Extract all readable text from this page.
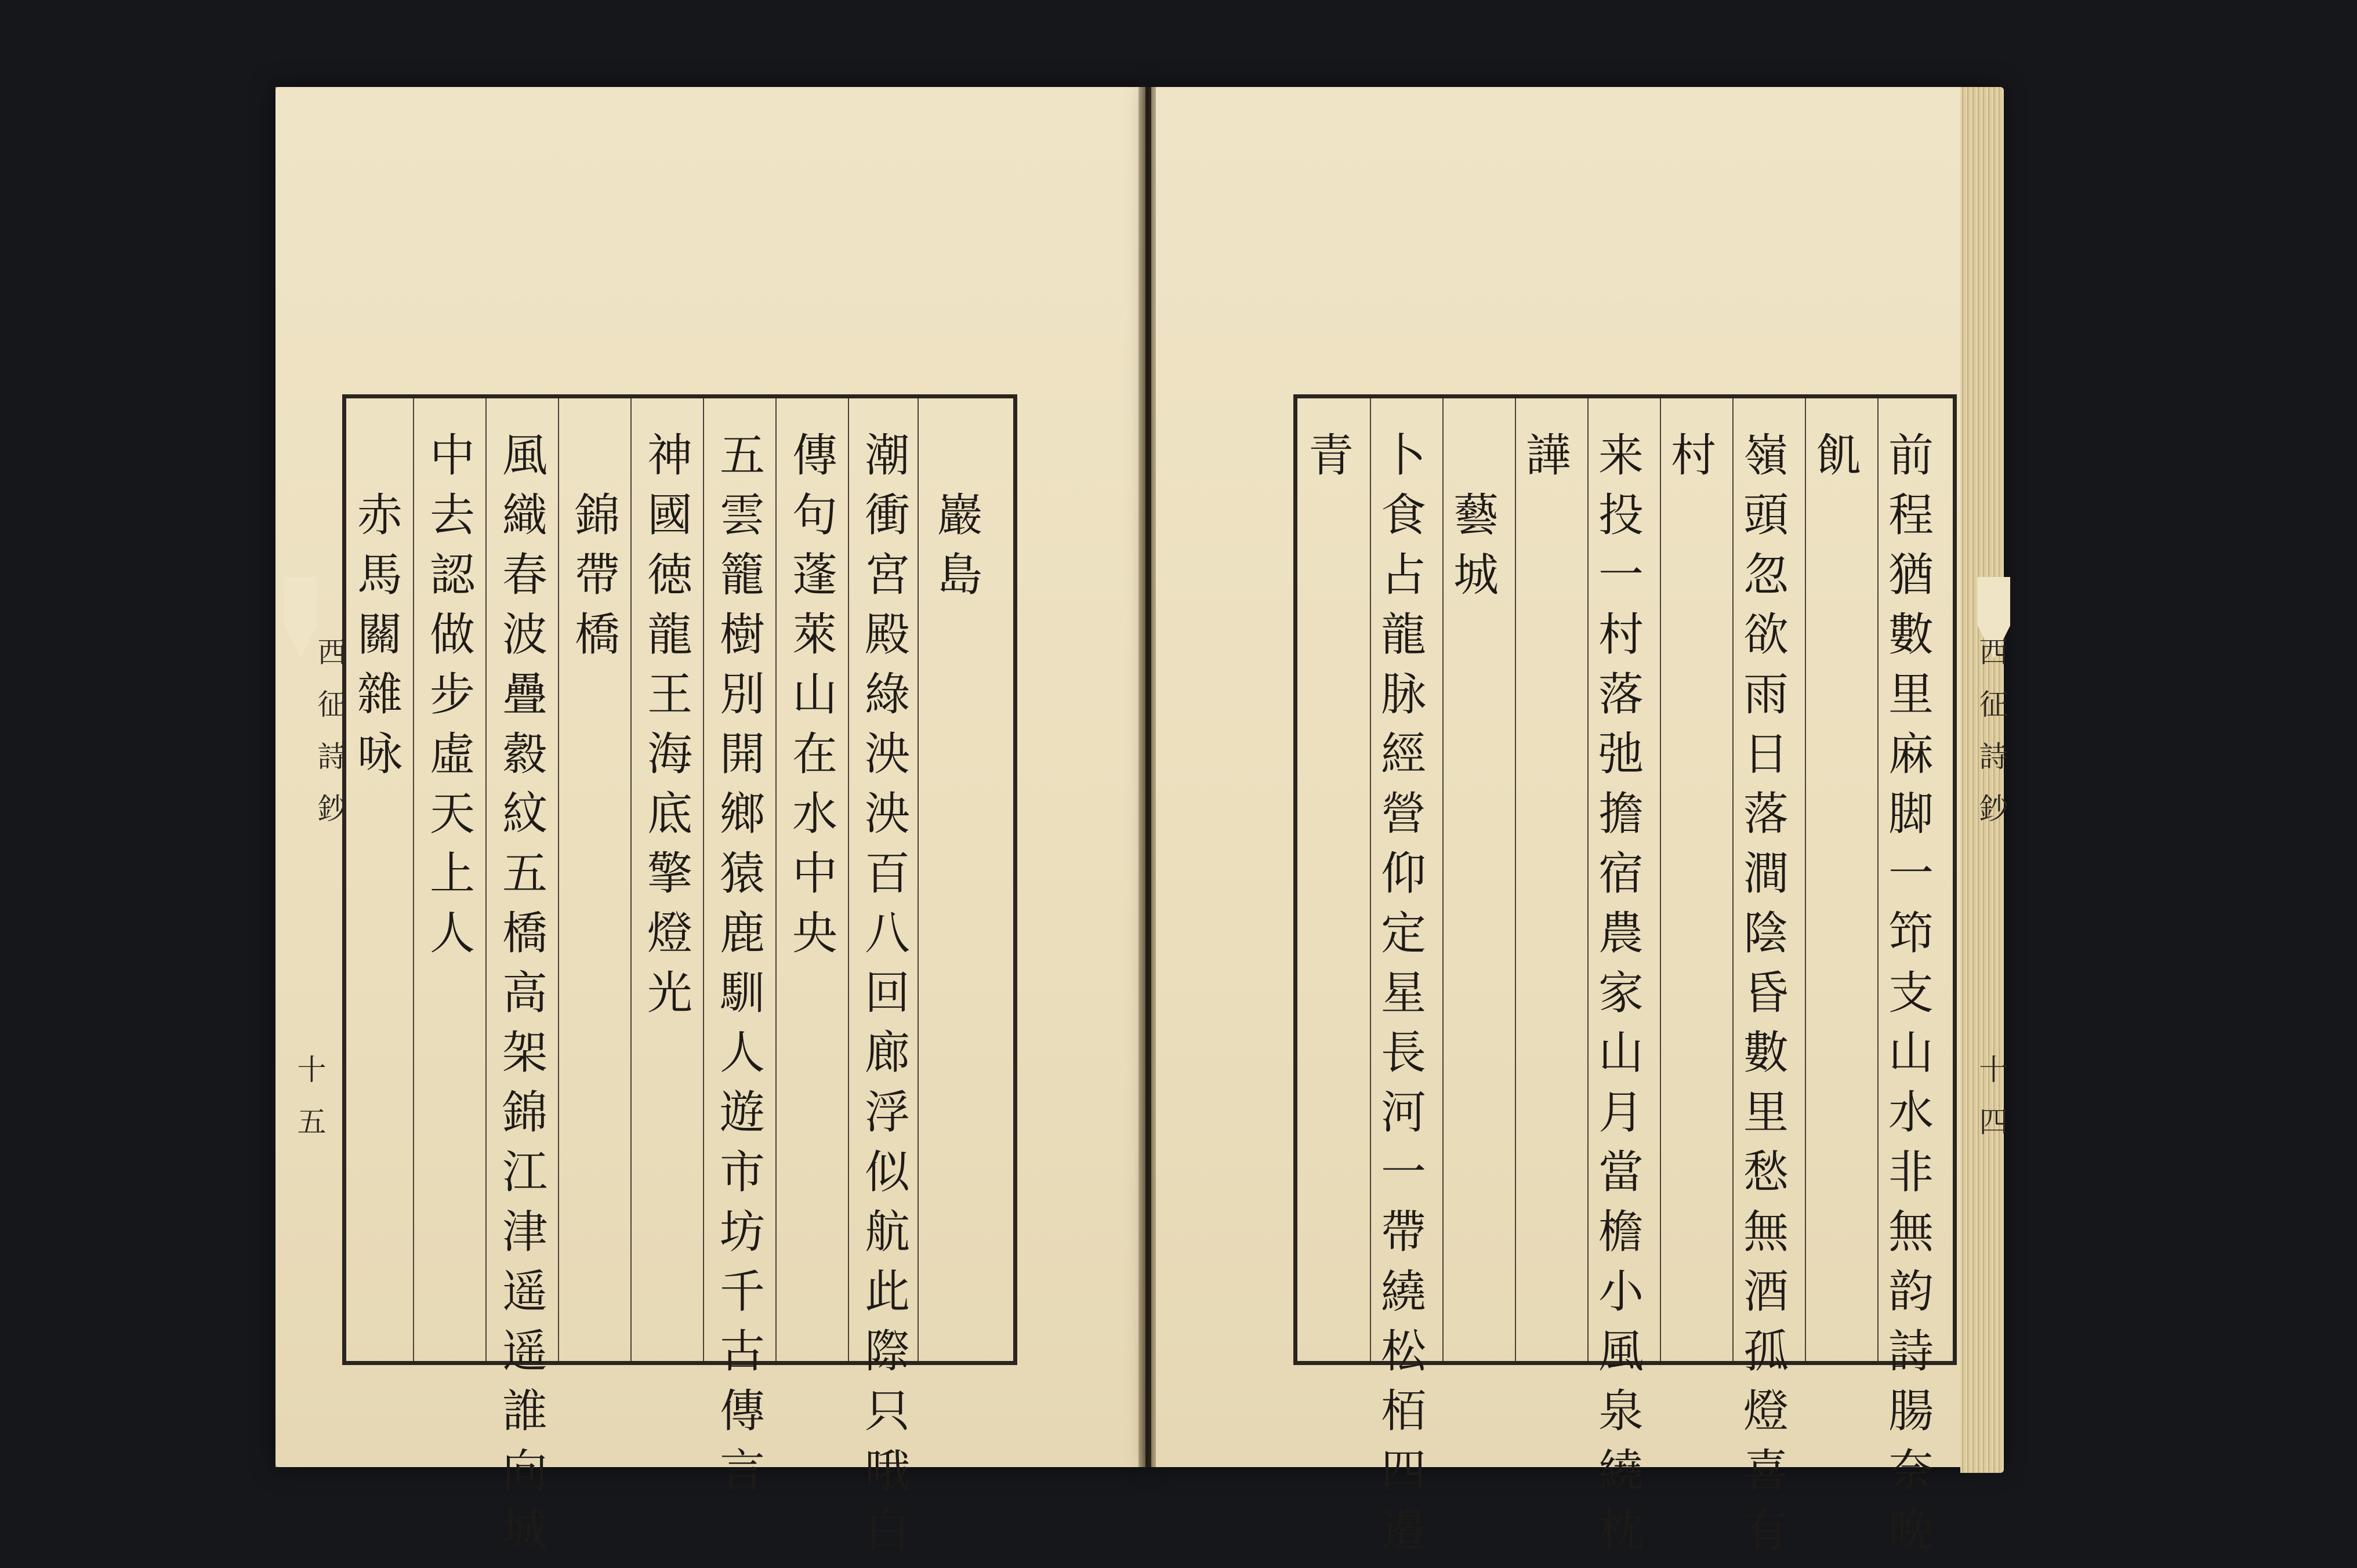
巖
島
潮
衝
宮
殿
綠
泱
泱
百
八
回
廊
浮
似
航
此
際
只
哦
白
傳
句
蓬
萊
山
在
水
中
央
五
雲
籠
樹
別
開
鄉
猿
鹿
馴
人
遊
市
坊
千
古
傳
言
神
國
徳
龍
王
海
底
擎
燈
光

錦
帶
橋
風
織
春
波
疊
縠
紋
五
橋
高
架
錦
江
津
遥
遥
誰
向
城
中
去
認
做
步
虛
天
上
人

赤
馬
關
雜
咏
前
程
猶
數
里
麻
脚
一
笻
支
山
水
非
無
韵
詩
腸
奈
晩
飢
嶺
頭
忽
欲
雨
日
落
澗
陰
昏
數
里
愁
無
酒
孤
燈
喜
有
村
来
投
一
村
落
弛
擔
宿
農
家
山
月
當
檐
小
風
泉
繞
枕
譁

藝
城
卜
食
占
龍
脉
經
營
仰
定
星
長
河
一
帶
繞
松
栢
四
邉
青
西
征
詩
鈔
十
五
西
征
詩
鈔
十
四
